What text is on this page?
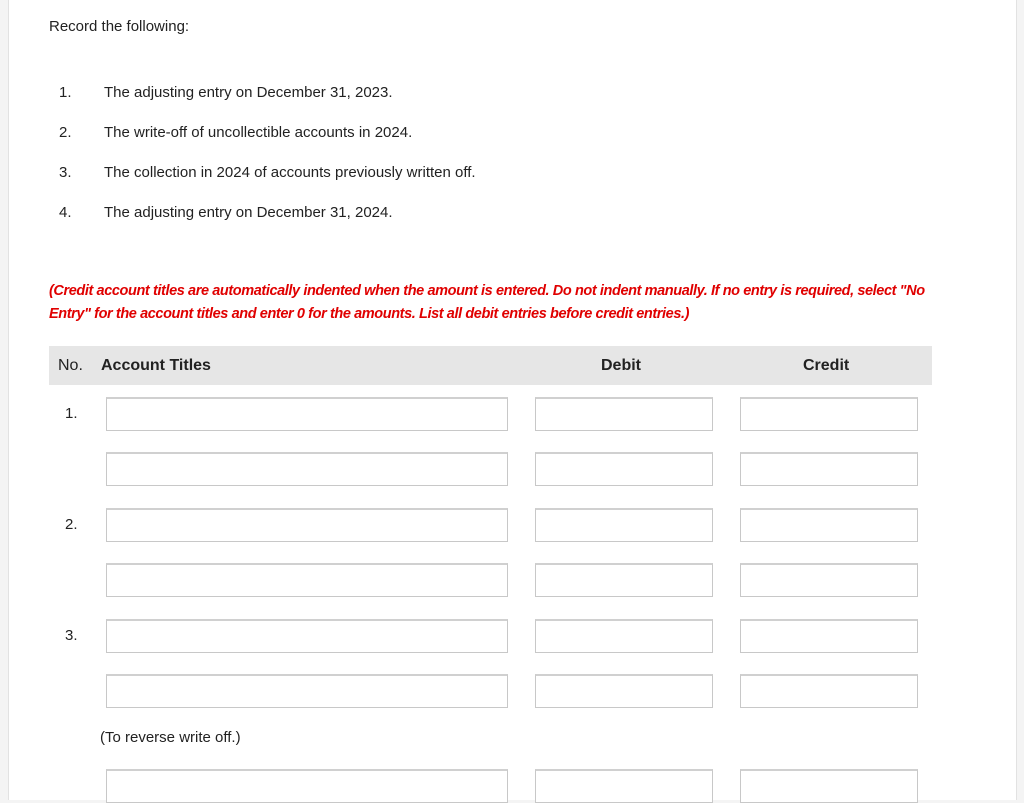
Record the following:
1. The adjusting entry on December 31, 2023.
2. The write-off of uncollectible accounts in 2024.
3. The collection in 2024 of accounts previously written off.
4. The adjusting entry on December 31, 2024.
(Credit account titles are automatically indented when the amount is entered. Do not indent manually. If no entry is required, select "No Entry" for the account titles and enter 0 for the amounts. List all debit entries before credit entries.)
No. Account Titles	Debit	Credit
1.
2.
3.
(To reverse write off.)
